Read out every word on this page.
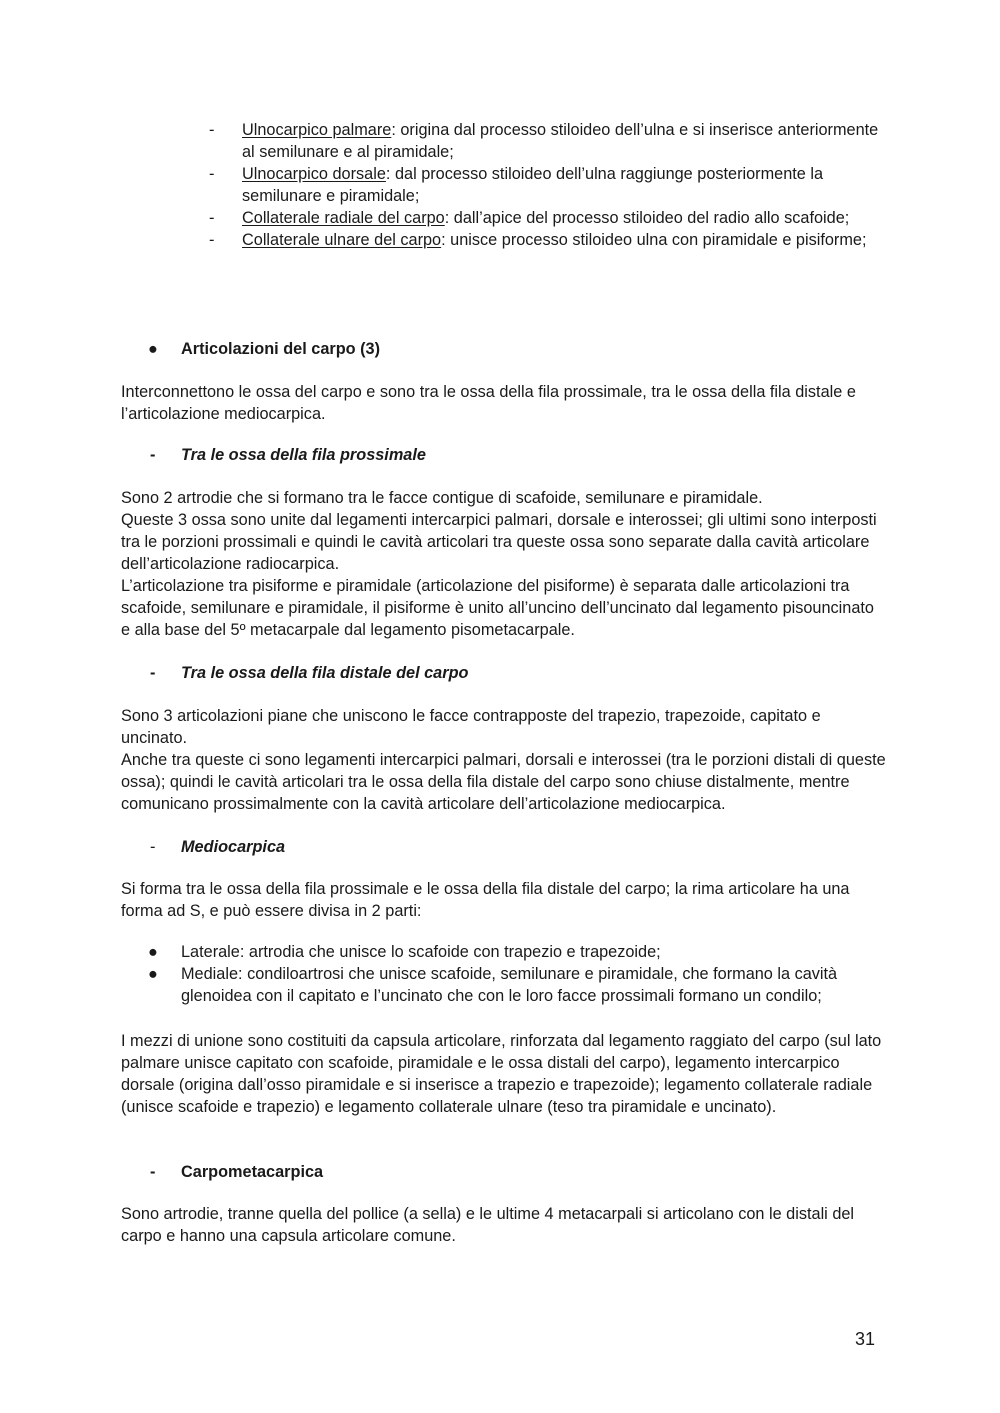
- Ulnocarpico palmare: origina dal processo stiloideo dell’ulna e si inserisce anteriormente al semilunare e al piramidale;
- Ulnocarpico dorsale: dal processo stiloideo dell’ulna raggiunge posteriormente la semilunare e piramidale;
- Collaterale radiale del carpo: dall’apice del processo stiloideo del radio allo scafoide;
- Collaterale ulnare del carpo: unisce processo stiloideo ulna con piramidale e pisiforme;
● Articolazioni del carpo (3)

Interconnettono le ossa del carpo e sono tra le ossa della fila prossimale, tra le ossa della fila distale e l’articolazione mediocarpica.

- Tra le ossa della fila prossimale
Sono 2 artrodie che si formano tra le facce contigue di scafoide, semilunare e piramidale.
Queste 3 ossa sono unite dal legamenti intercarpici palmari, dorsale e interossei; gli ultimi sono interposti tra le porzioni prossimali e quindi le cavità articolari tra queste ossa sono separate dalla cavità articolare dell’articolazione radiocarpica.
L’articolazione tra pisiforme e piramidale (articolazione del pisiforme) è separata dalle articolazioni tra scafoide, semilunare e piramidale, il pisiforme è unito all’uncino dell’uncinato dal legamento pisouncinato e alla base del 5º metacarpale dal legamento pisometacarpale.
- Tra le ossa della fila distale del carpo
Sono 3 articolazioni piane che uniscono le facce contrapposte del trapezio, trapezoide, capitato e uncinato.
Anche tra queste ci sono legamenti intercarpici palmari, dorsali e interossei (tra le porzioni distali di queste ossa); quindi le cavità articolari tra le ossa della fila distale del carpo sono chiuse distalmente, mentre comunicano prossimalmente con la cavità articolare dell’articolazione mediocarpica.
- Mediocarpica

Si forma tra le ossa della fila prossimale e le ossa della fila distale del carpo; la rima articolare ha una forma ad S, e può essere divisa in 2 parti:

● Laterale: artrodia che unisce lo scafoide con trapezio e trapezoide;
● Mediale: condiloartrosi che unisce scafoide, semilunare e piramidale, che formano la cavità glenoidea con il capitato e l’uncinato che con le loro facce prossimali formano un condilo;

I mezzi di unione sono costituiti da capsula articolare, rinforzata dal legamento raggiato del carpo (sul lato palmare unisce capitato con scafoide, piramidale e le ossa distali del carpo), legamento intercarpico dorsale (origina dall’osso piramidale e si inserisce a trapezio e trapezoide); legamento collaterale radiale (unisce scafoide e trapezio) e legamento collaterale ulnare (teso tra piramidale e uncinato).

- Carpometacarpica

Sono artrodie, tranne quella del pollice (a sella) e le ultime 4 metacarpali si articolano con le distali del carpo e hanno una capsula articolare comune.

31
